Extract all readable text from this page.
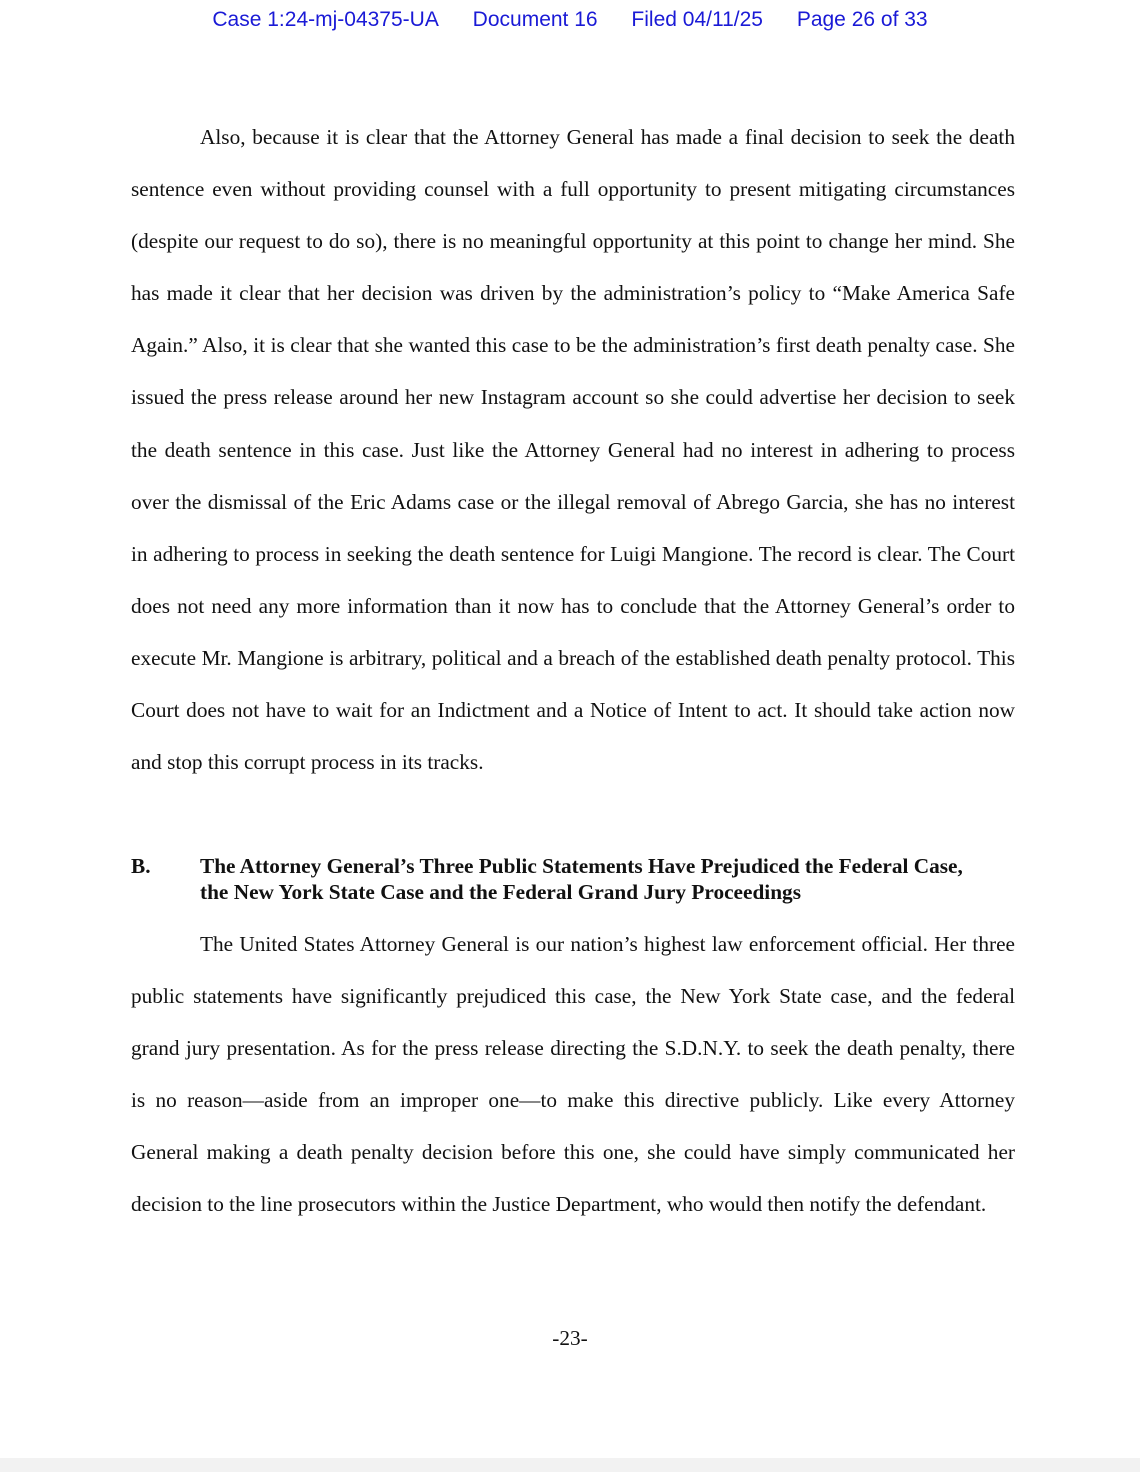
Case 1:24-mj-04375-UA Document 16 Filed 04/11/25 Page 26 of 33

Also, because it is clear that the Attorney General has made a final decision to seek the death sentence even without providing counsel with a full opportunity to present mitigating circumstances (despite our request to do so), there is no meaningful opportunity at this point to change her mind. She has made it clear that her decision was driven by the administration’s policy to “Make America Safe Again.” Also, it is clear that she wanted this case to be the administration’s first death penalty case. She issued the press release around her new Instagram account so she could advertise her decision to seek the death sentence in this case. Just like the Attorney General had no interest in adhering to process over the dismissal of the Eric Adams case or the illegal removal of Abrego Garcia, she has no interest in adhering to process in seeking the death sentence for Luigi Mangione. The record is clear. The Court does not need any more information than it now has to conclude that the Attorney General’s order to execute Mr. Mangione is arbitrary, political and a breach of the established death penalty protocol. This Court does not have to wait for an Indictment and a Notice of Intent to act. It should take action now and stop this corrupt process in its tracks.

B. The Attorney General’s Three Public Statements Have Prejudiced the Federal Case, the New York State Case and the Federal Grand Jury Proceedings

The United States Attorney General is our nation’s highest law enforcement official. Her three public statements have significantly prejudiced this case, the New York State case, and the federal grand jury presentation. As for the press release directing the S.D.N.Y. to seek the death penalty, there is no reason—aside from an improper one—to make this directive publicly. Like every Attorney General making a death penalty decision before this one, she could have simply communicated her decision to the line prosecutors within the Justice Department, who would then notify the defendant.

-23-
